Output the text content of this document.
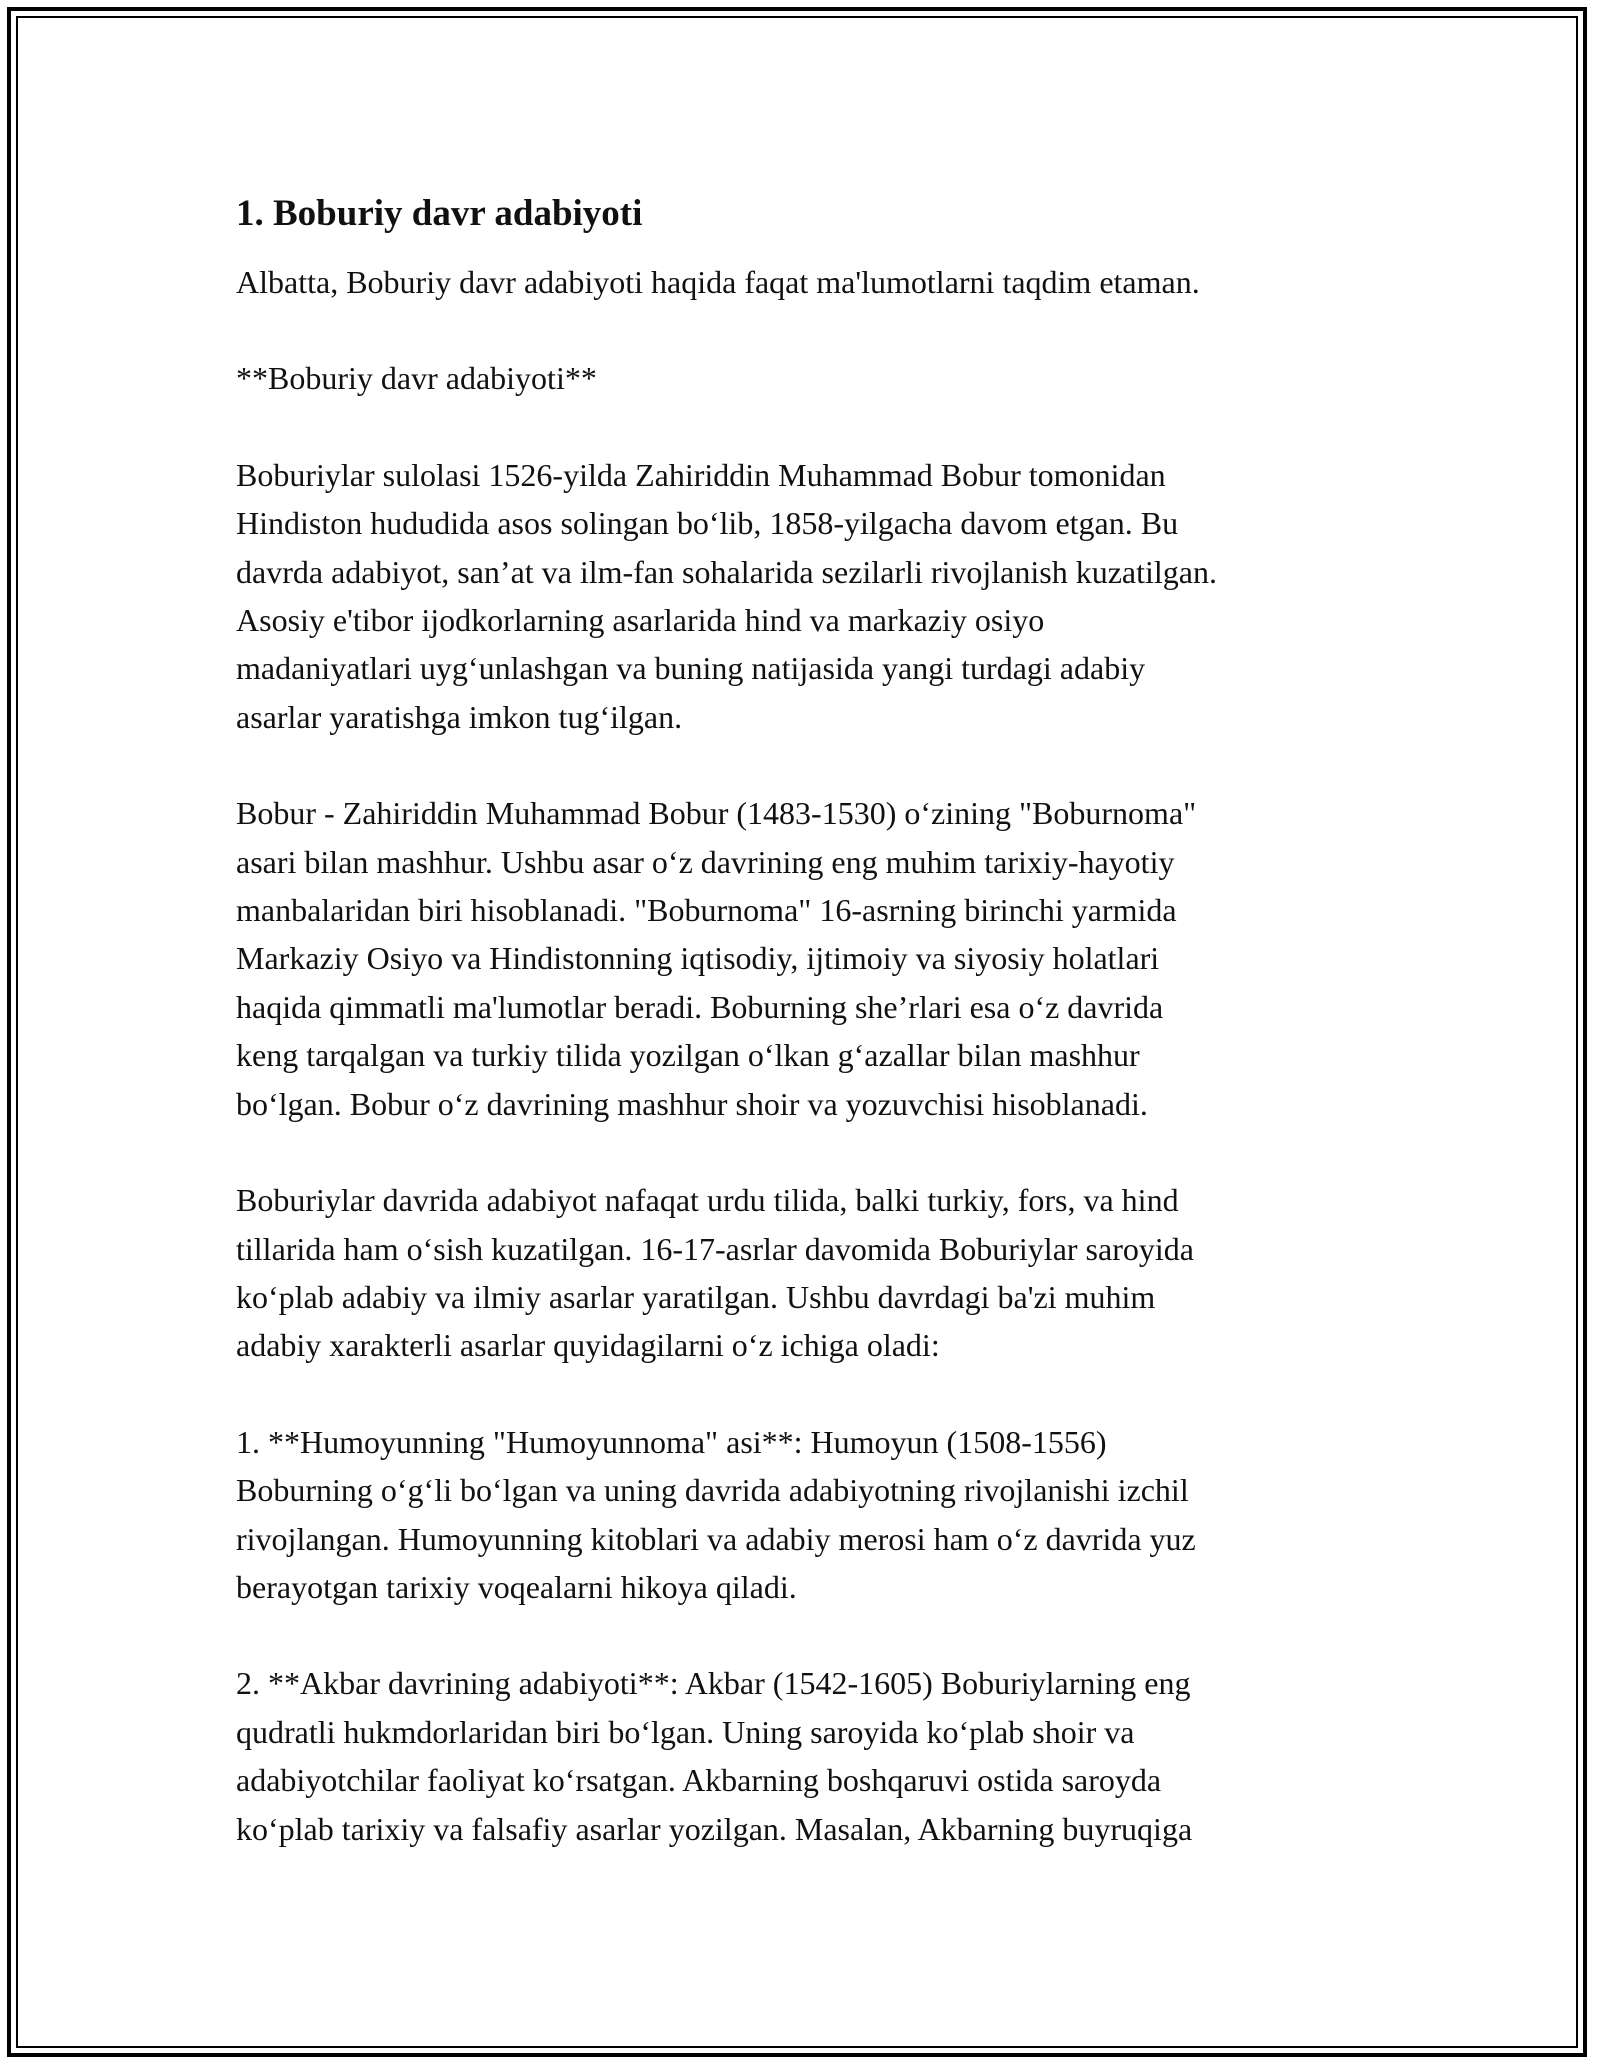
1. Boburiy davr adabiyoti

Albatta, Boburiy davr adabiyoti haqida faqat ma'lumotlarni taqdim etaman.

**Boburiy davr adabiyoti**

Boburiylar sulolasi 1526-yilda Zahiriddin Muhammad Bobur tomonidan
Hindiston hududida asos solingan bo‘lib, 1858-yilgacha davom etgan. Bu
davrda adabiyot, san’at va ilm-fan sohalarida sezilarli rivojlanish kuzatilgan.
Asosiy e'tibor ijodkorlarning asarlarida hind va markaziy osiyo
madaniyatlari uyg‘unlashgan va buning natijasida yangi turdagi adabiy
asarlar yaratishga imkon tug‘ilgan.

Bobur - Zahiriddin Muhammad Bobur (1483-1530) o‘zining "Boburnoma"
asari bilan mashhur. Ushbu asar o‘z davrining eng muhim tarixiy-hayotiy
manbalaridan biri hisoblanadi. "Boburnoma" 16-asrning birinchi yarmida
Markaziy Osiyo va Hindistonning iqtisodiy, ijtimoiy va siyosiy holatlari
haqida qimmatli ma'lumotlar beradi. Boburning she’rlari esa o‘z davrida
keng tarqalgan va turkiy tilida yozilgan o‘lkan g‘azallar bilan mashhur
bo‘lgan. Bobur o‘z davrining mashhur shoir va yozuvchisi hisoblanadi.

Boburiylar davrida adabiyot nafaqat urdu tilida, balki turkiy, fors, va hind
tillarida ham o‘sish kuzatilgan. 16-17-asrlar davomida Boburiylar saroyida
ko‘plab adabiy va ilmiy asarlar yaratilgan. Ushbu davrdagi ba'zi muhim
adabiy xarakterli asarlar quyidagilarni o‘z ichiga oladi:

1. **Humoyunning "Humoyunnoma" asi**: Humoyun (1508-1556)
Boburning o‘g‘li bo‘lgan va uning davrida adabiyotning rivojlanishi izchil
rivojlangan. Humoyunning kitoblari va adabiy merosi ham o‘z davrida yuz
berayotgan tarixiy voqealarni hikoya qiladi.

2. **Akbar davrining adabiyoti**: Akbar (1542-1605) Boburiylarning eng
qudratli hukmdorlaridan biri bo‘lgan. Uning saroyida ko‘plab shoir va
adabiyotchilar faoliyat ko‘rsatgan. Akbarning boshqaruvi ostida saroyda
ko‘plab tarixiy va falsafiy asarlar yozilgan. Masalan, Akbarning buyruqiga
